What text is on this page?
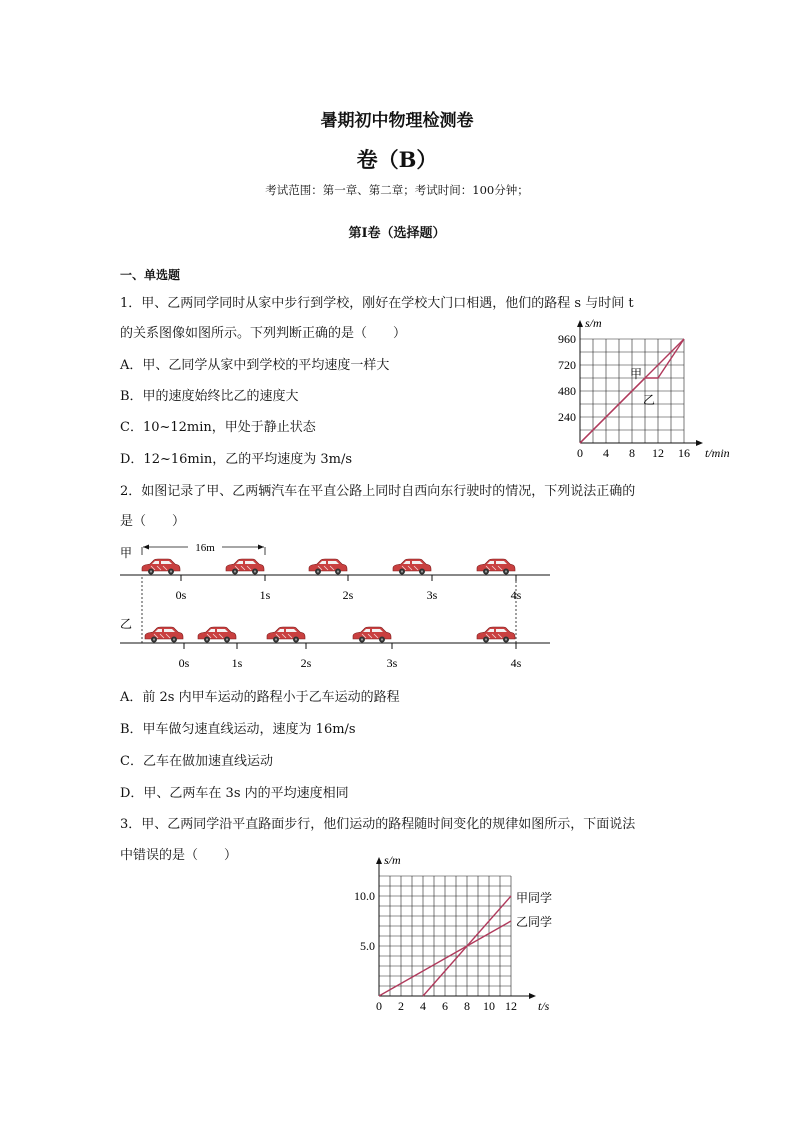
暑期初中物理检测卷
卷（B）
考试范围：第一章、第二章；考试时间：100分钟；
第I卷（选择题）
一、单选题
1．甲、乙两同学同时从家中步行到学校，刚好在学校大门口相遇，他们的路程 s 与时间 t
的关系图像如图所示。下列判断正确的是（　　）
A．甲、乙同学从家中到学校的平均速度一样大
B．甲的速度始终比乙的速度大
C．10~12min，甲处于静止状态
D．12~16min，乙的平均速度为 3m/s	0 4 8 12 16
240
480
720
960
s/m
t/min
甲
乙
2．如图记录了甲、乙两辆汽车在平直公路上同时自西向东行驶时的情况，下列说法正确的
是（　　）
甲
乙
16m
0s	1s	2s	3s	4s
0s	1s	2s	3s	4s
A．前 2s 内甲车运动的路程小于乙车运动的路程
B．甲车做匀速直线运动，速度为 16m/s
C．乙车在做加速直线运动
D．甲、乙两车在 3s 内的平均速度相同
3．甲、乙两同学沿平直路面步行，他们运动的路程随时间变化的规律如图所示，下面说法
中错误的是（　　）
0 2 4 6 8 10 12
5.0
10.0
s/m
t/s
甲同学
乙同学
